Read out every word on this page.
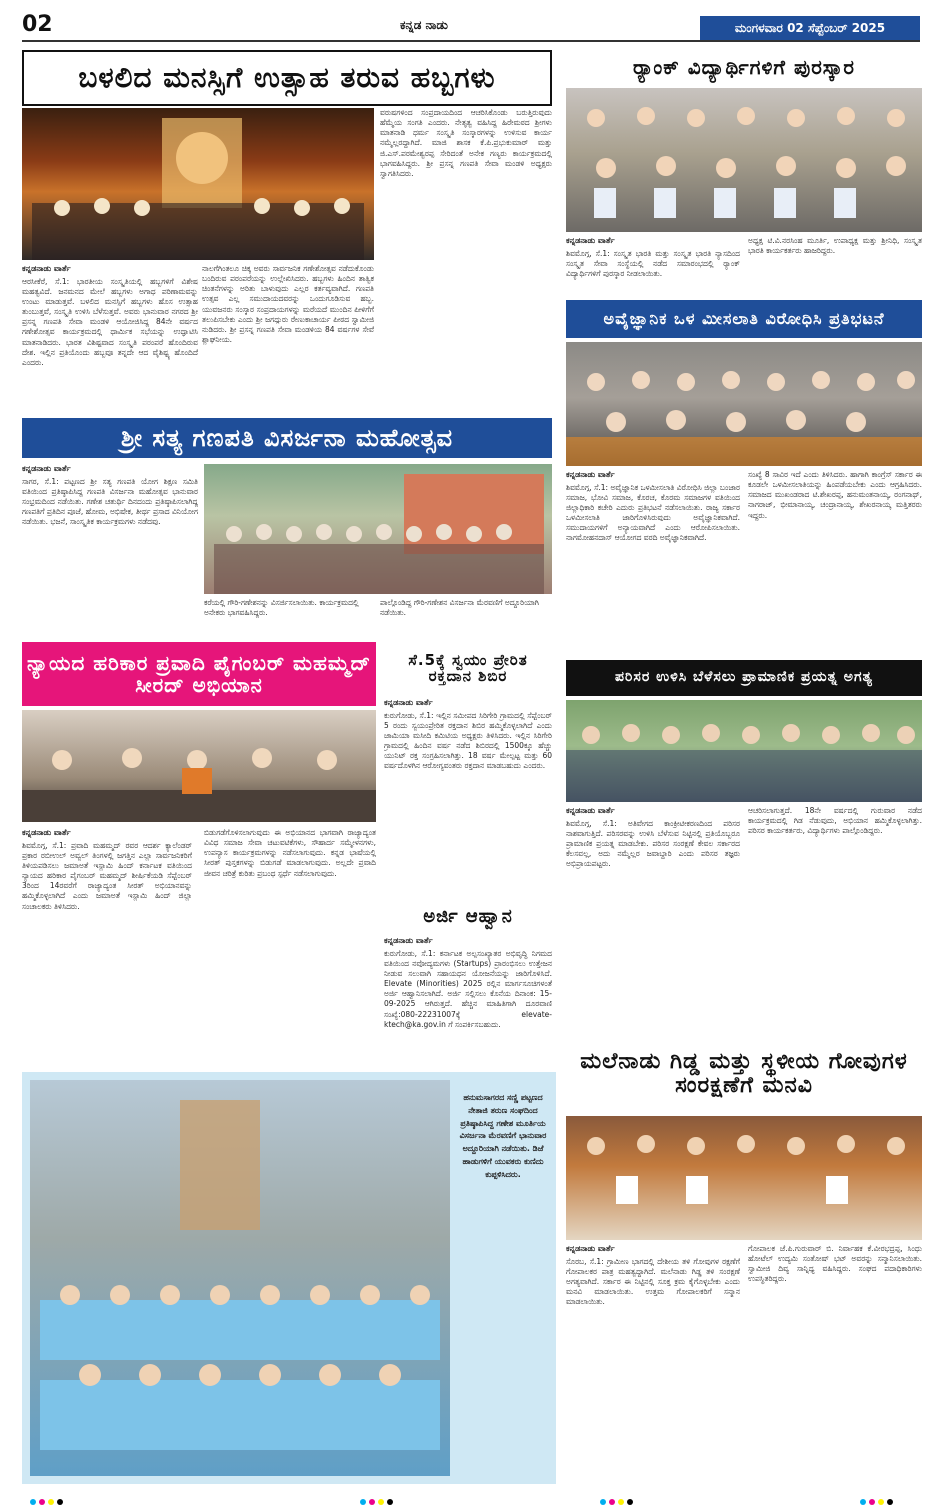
02	ಕನ್ನಡ ನಾಡು	ಮಂಗಳವಾರ 02 ಸೆಪ್ಟೆಂಬರ್ 2025
ಬಳಲಿದ ಮನಸ್ಸಿಗೆ ಉತ್ಸಾಹ ತರುವ ಹಬ್ಬಗಳು
ವರುಷಗಳಿಂದ ಸಂಪ್ರದಾಯದಿಂದ ಆಚರಿಸಿಕೊಂಡು ಬರುತ್ತಿರುವುದು ಹೆಮ್ಮೆಯ ಸಂಗತಿ ಎಂದರು. ನೇತೃತ್ವ ವಹಿಸಿದ್ದ ಹಿರೇಮಠದ ಶ್ರೀಗಳು ಮಾತನಾಡಿ ಧರ್ಮ ಸಂಸ್ಕೃತಿ ಸಂಸ್ಕಾರಗಳನ್ನು ಉಳಿಸುವ ಕಾರ್ಯ ನಮ್ಮೆಲ್ಲರದ್ದಾಗಿದೆ. ಮಾಜಿ ಶಾಸಕ ಕೆ.ಪಿ.ಪ್ರಭುಕುಮಾರ್ ಮತ್ತು ಜಿ.ಎಸ್.ಪರಮೇಶ್ವರಪ್ಪ ಸೇರಿದಂತೆ ಅನೇಕ ಗಣ್ಯರು ಕಾರ್ಯಕ್ರಮದಲ್ಲಿ ಭಾಗವಹಿಸಿದ್ದರು. ಶ್ರೀ ಪ್ರಸನ್ನ ಗಣಪತಿ ಸೇವಾ ಮಂಡಳಿ ಅಧ್ಯಕ್ಷರು ಸ್ವಾಗತಿಸಿದರು.
ಕನ್ನಡನಾಡು ವಾರ್ತೆ
ಆರಸೀಕೆರೆ, ಸೆ.1: ಭಾರತೀಯ ಸಂಸ್ಕೃತಿಯಲ್ಲಿ ಹಬ್ಬಗಳಿಗೆ ವಿಶೇಷ ಮಹತ್ವವಿದೆ. ಜನಮನದ ಮೇಲೆ ಹಬ್ಬಗಳು ಅಗಾಧ ಪರಿಣಾಮವನ್ನು ಉಂಟು ಮಾಡುತ್ತವೆ. ಬಳಲಿದ ಮನಸ್ಸಿಗೆ ಹಬ್ಬಗಳು ಹೊಸ ಉತ್ಸಾಹ ತುಂಬುತ್ತವೆ, ಸಂಸ್ಕೃತಿ ಉಳಿಸಿ ಬೆಳೆಸುತ್ತವೆ. ಅವರು ಭಾನುವಾರ ನಗರದ ಶ್ರೀ ಪ್ರಸನ್ನ ಗಣಪತಿ ಸೇವಾ ಮಂಡಳಿ ಆಯೋಜಿಸಿದ್ದ 84ನೇ ವರ್ಷದ ಗಣೇಶೋತ್ಸವ ಕಾರ್ಯಕ್ರಮದಲ್ಲಿ ಧಾರ್ಮಿಕ ಸಭೆಯನ್ನು ಉದ್ಘಾಟಿಸಿ ಮಾತನಾಡಿದರು. ಭಾರತ ವಿಶಿಷ್ಟವಾದ ಸಂಸ್ಕೃತಿ ಪರಂಪರೆ ಹೊಂದಿರುವ ದೇಶ. ಇಲ್ಲಿನ ಪ್ರತಿಯೊಂದು ಹಬ್ಬವೂ ತನ್ನದೇ ಆದ ವೈಶಿಷ್ಟ್ಯ ಹೊಂದಿದೆ ಎಂದರು.
ನಾಲಗೆಗಿಂತಲೂ ಚಿಕ್ಕ ಅವರು ಸಾರ್ವಜನಿಕ ಗಣೇಶೋತ್ಸವ ನಡೆದುಕೊಂಡು ಬಂದಿರುವ ಪರಂಪರೆಯನ್ನು ಉಲ್ಲೇಖಿಸಿದರು. ಹಬ್ಬಗಳು ಹಿಂದಿನ ತಾತ್ವಿಕ ಚಿಂತನೆಗಳನ್ನು ಅರಿತು ಬಾಳುವುದು ಎಲ್ಲರ ಕರ್ತವ್ಯವಾಗಿದೆ. ಗಣಪತಿ ಉತ್ಸವ ಎಲ್ಲ ಸಮುದಾಯದವರನ್ನು ಒಂದುಗೂಡಿಸುವ ಹಬ್ಬ. ಯುವಜನರು ಸಂಸ್ಕಾರ ಸಂಪ್ರದಾಯಗಳನ್ನು ಮರೆಯದೆ ಮುಂದಿನ ಪೀಳಿಗೆಗೆ ತಲುಪಿಸಬೇಕು ಎಂದು ಶ್ರೀ ಜಗದ್ಗುರು ರೇಣುಕಾಚಾರ್ಯ ಪೀಠದ ಸ್ವಾಮೀಜಿ ನುಡಿದರು. ಶ್ರೀ ಪ್ರಸನ್ನ ಗಣಪತಿ ಸೇವಾ ಮಂಡಳಿಯ 84 ವರ್ಷಗಳ ಸೇವೆ ಶ್ಲಾಘನೀಯ.
ಶ್ರೀ ಸತ್ಯ ಗಣಪತಿ ವಿಸರ್ಜನಾ ಮಹೋತ್ಸವ
ಕನ್ನಡನಾಡು ವಾರ್ತೆ
ಸಾಗರ, ಸೆ.1: ಪಟ್ಟಣದ ಶ್ರೀ ಸತ್ಯ ಗಣಪತಿ ಯೋಗ ಶಿಕ್ಷಣ ಸಮಿತಿ ವತಿಯಿಂದ ಪ್ರತಿಷ್ಠಾಪಿಸಿದ್ದ ಗಣಪತಿ ವಿಸರ್ಜನಾ ಮಹೋತ್ಸವ ಭಾನುವಾರ ಸಂಭ್ರಮದಿಂದ ನಡೆಯಿತು. ಗಣೇಶ ಚತುರ್ಥಿ ದಿನದಂದು ಪ್ರತಿಷ್ಠಾಪಿಸಲಾಗಿದ್ದ ಗಣಪತಿಗೆ ಪ್ರತಿದಿನ ಪೂಜೆ, ಹೋಮ, ಅಭಿಷೇಕ, ತೀರ್ಥ ಪ್ರಸಾದ ವಿನಿಯೋಗ ನಡೆಯಿತು. ಭಜನೆ, ಸಾಂಸ್ಕೃತಿಕ ಕಾರ್ಯಕ್ರಮಗಳು ನಡೆದವು.
ಕರೆಯಲ್ಲಿ ಗೌರಿ-ಗಣೇಶನನ್ನು ವಿಸರ್ಜಿಸಲಾಯಿತು. ಕಾರ್ಯಕ್ರಮದಲ್ಲಿ ಅನೇಕರು ಭಾಗವಹಿಸಿದ್ದರು.
ಪಾಲ್ಗೊಂಡಿದ್ದ ಗೌರಿ-ಗಣೇಶನ ವಿಸರ್ಜನಾ ಮೆರವಣಿಗೆ ಅದ್ದೂರಿಯಾಗಿ ನಡೆಯಿತು.
ನ್ಯಾಯದ ಹರಿಕಾರ ಪ್ರವಾದಿ ಪೈಗಂಬರ್ ಮಹಮ್ಮದ್ ಸೀರದ್ ಅಭಿಯಾನ
ಕನ್ನಡನಾಡು ವಾರ್ತೆ
ಶಿವಮೊಗ್ಗ, ಸೆ.1: ಪ್ರವಾದಿ ಮಹಮ್ಮದ್ ರವರ ಆದರ್ಶ ಕ್ಯಾಲೆಂಡರ್ ಪ್ರಕಾರ ರಬೀಉಲ್ ಅವ್ವಲ್ ತಿಂಗಳಲ್ಲಿ ಜಗತ್ತಿನ ಎಲ್ಲಾ ಸಾರ್ವಜನಿಕರಿಗೆ ತಿಳಿಯಪಡಿಸಲು ಜಮಾಅತೆ ಇಸ್ಲಾಮಿ ಹಿಂದ್ ಕರ್ನಾಟಕ ವತಿಯಿಂದ ನ್ಯಾಯದ ಹರಿಕಾರ ಪೈಗಂಬರ್ ಮಹಮ್ಮದ್ ಶೀರ್ಷಿಕೆಯಡಿ ಸೆಪ್ಟೆಂಬರ್ 3ರಿಂದ 14ರವರೆಗೆ ರಾಜ್ಯಾದ್ಯಂತ ಸೀರತ್ ಅಭಿಯಾನವನ್ನು ಹಮ್ಮಿಕೊಳ್ಳಲಾಗಿದೆ ಎಂದು ಜಮಾಅತೆ ಇಸ್ಲಾಮಿ ಹಿಂದ್ ಜಿಲ್ಲಾ ಸಂಚಾಲಕರು ತಿಳಿಸಿದರು.
ಬಿಡುಗಡೆಗೊಳಿಸಲಾಗುವುದು ಈ ಅಭಿಯಾನದ ಭಾಗವಾಗಿ ರಾಜ್ಯಾದ್ಯಂತ ವಿವಿಧ ಸಮಾಜ ಸೇವಾ ಚಟುವಟಿಕೆಗಳು, ಸೌಹಾರ್ದ ಸಮ್ಮೇಳನಗಳು, ಉಪನ್ಯಾಸ ಕಾರ್ಯಕ್ರಮಗಳನ್ನು ನಡೆಸಲಾಗುವುದು. ಕನ್ನಡ ಭಾಷೆಯಲ್ಲಿ ಸೀರತ್ ಪುಸ್ತಕಗಳನ್ನು ಬಿಡುಗಡೆ ಮಾಡಲಾಗುವುದು. ಅಲ್ಲದೇ ಪ್ರವಾದಿ ಜೀವನ ಚರಿತ್ರೆ ಕುರಿತು ಪ್ರಬಂಧ ಸ್ಪರ್ಧೆ ನಡೆಸಲಾಗುವುದು.
ಸೆ.5ಕ್ಕೆ ಸ್ವಯಂ ಪ್ರೇರಿತ ರಕ್ತದಾನ ಶಿಬಿರ
ಕನ್ನಡನಾಡು ವಾರ್ತೆ
ಕುರುಗೋಡು, ಸೆ.1: ಇಲ್ಲಿನ ಸಮೀಪದ ಸಿರಿಗೇರಿ ಗ್ರಾಮದಲ್ಲಿ ಸೆಪ್ಟೆಂಬರ್ 5 ರಂದು ಸ್ವಯಂಪ್ರೇರಿತ ರಕ್ತದಾನ ಶಿಬಿರ ಹಮ್ಮಿಕೊಳ್ಳಲಾಗಿದೆ ಎಂದು ಜಾಮಿಯಾ ಮಸೀದಿ ಕಮಿಟಿಯ ಅಧ್ಯಕ್ಷರು ತಿಳಿಸಿದರು. ಇಲ್ಲಿನ ಸಿರಿಗೇರಿ ಗ್ರಾಮದಲ್ಲಿ ಹಿಂದಿನ ವರ್ಷ ನಡೆದ ಶಿಬಿರದಲ್ಲಿ 1500ಕ್ಕೂ ಹೆಚ್ಚು ಯುನಿಟ್ ರಕ್ತ ಸಂಗ್ರಹಿಸಲಾಗಿತ್ತು. 18 ವರ್ಷ ಮೇಲ್ಪಟ್ಟ ಮತ್ತು 60 ವರ್ಷದೊಳಗಿನ ಆರೋಗ್ಯವಂತರು ರಕ್ತದಾನ ಮಾಡಬಹುದು ಎಂದರು.
ಅರ್ಜಿ ಆಹ್ವಾನ
ಕನ್ನಡನಾಡು ವಾರ್ತೆ
ಕುರುಗೋಡು, ಸೆ.1: ಕರ್ನಾಟಕ ಅಲ್ಪಸಂಖ್ಯಾತರ ಅಭಿವೃದ್ಧಿ ನಿಗಮದ ವತಿಯಿಂದ ನವೋದ್ಯಮಗಳು (Startups) ಪ್ರಾರಂಭಿಸಲು ಉತ್ತೇಜನ ನೀಡುವ ಸಲುವಾಗಿ ಸಹಾಯಧನ ಯೋಜನೆಯನ್ನು ಜಾರಿಗೊಳಿಸಿದೆ. Elevate (Minorities) 2025 ರಲ್ಲಿನ ಮಾರ್ಗಸೂಚಿಗಳಂತೆ ಅರ್ಜಿ ಆಹ್ವಾನಿಸಲಾಗಿದೆ. ಅರ್ಜಿ ಸಲ್ಲಿಸಲು ಕೊನೆಯ ದಿನಾಂಕ: 15-09-2025 ಆಗಿರುತ್ತದೆ. ಹೆಚ್ಚಿನ ಮಾಹಿತಿಗಾಗಿ ದೂರವಾಣಿ ಸಂಖ್ಯೆ:080-22231007ಕ್ಕೆ elevate-ktech@ka.gov.in ಗೆ ಸಂಪರ್ಕಿಸಬಹುದು.
ಹನುಮಸಾಗರದ ಸಣ್ಣಿ ಪಟ್ಟಣದ ನೇತಾಜಿ ತರುಣ ಸಂಘದಿಂದ ಪ್ರತಿಷ್ಠಾಪಿಸಿದ್ದ ಗಣೇಶ ಮೂರ್ತಿಯ ವಿಸರ್ಜನಾ ಮೆರವಣಿಗೆ ಭಾನುವಾರ ಅದ್ದೂರಿಯಾಗಿ ನಡೆಯಿತು. ಡಿಜೆ ಹಾಡುಗಳಿಗೆ ಯುವಕರು ಕುಣಿದು ಕುಪ್ಪಳಿಸಿದರು.
ರ‍್ಯಾಂಕ್ ವಿದ್ಯಾರ್ಥಿಗಳಿಗೆ ಪುರಸ್ಕಾರ
ಕನ್ನಡನಾಡು ವಾರ್ತೆ
ಶಿವಮೊಗ್ಗ, ಸೆ.1: ಸಂಸ್ಕೃತ ಭಾರತಿ ಮತ್ತು ಸಂಸ್ಕೃತ ಭಾರತಿ ನ್ಯಾಸದಿಂದ ಸಂಸ್ಕೃತ ಸೇವಾ ಸಂಸ್ಥೆಯಲ್ಲಿ ನಡೆದ ಸಮಾರಂಭದಲ್ಲಿ ರ‍್ಯಾಂಕ್ ವಿದ್ಯಾರ್ಥಿಗಳಿಗೆ ಪುರಸ್ಕಾರ ನೀಡಲಾಯಿತು.
ಅಧ್ಯಕ್ಷ ಟಿ.ವಿ.ನರಸಿಂಹ ಮೂರ್ತಿ, ಉಪಾಧ್ಯಕ್ಷ ಮತ್ತು ಶ್ರೀನಿಧಿ, ಸಂಸ್ಕೃತ ಭಾರತಿ ಕಾರ್ಯಕರ್ತರು ಹಾಜರಿದ್ದರು.
ಅವೈಜ್ಞಾನಿಕ ಒಳ ಮೀಸಲಾತಿ ವಿರೋಧಿಸಿ ಪ್ರತಿಭಟನೆ
ಕನ್ನಡನಾಡು ವಾರ್ತೆ
ಶಿವಮೊಗ್ಗ, ಸೆ.1: ಅವೈಜ್ಞಾನಿಕ ಒಳಮೀಸಲಾತಿ ವಿರೋಧಿಸಿ ಜಿಲ್ಲಾ ಬಂಜಾರ ಸಮಾಜ, ಭೋವಿ ಸಮಾಜ, ಕೊರಚ, ಕೊರಮ ಸಮಾಜಗಳ ವತಿಯಿಂದ ಜಿಲ್ಲಾಧಿಕಾರಿ ಕಚೇರಿ ಎದುರು ಪ್ರತಿಭಟನೆ ನಡೆಸಲಾಯಿತು. ರಾಜ್ಯ ಸರ್ಕಾರ ಒಳಮೀಸಲಾತಿ ಜಾರಿಗೊಳಿಸಿರುವುದು ಅವೈಜ್ಞಾನಿಕವಾಗಿದೆ. ಸಮುದಾಯಗಳಿಗೆ ಅನ್ಯಾಯವಾಗಿದೆ ಎಂದು ಆರೋಪಿಸಲಾಯಿತು. ನಾಗಮೋಹನದಾಸ್ ಆಯೋಗದ ವರದಿ ಅವೈಜ್ಞಾನಿಕವಾಗಿದೆ.
ಸಂಖ್ಯೆ 8 ಸಾವಿರ ಇದೆ ಎಂದು ತಿಳಿಸಿದರು. ಹಾಗಾಗಿ ಕಾಂಗ್ರೆಸ್ ಸರ್ಕಾರ ಈ ಕೂಡಲೇ ಒಳಮೀಸಲಾತಿಯನ್ನು ಹಿಂಪಡೆಯಬೇಕು ಎಂದು ಆಗ್ರಹಿಸಿದರು. ಸಮಾಜದ ಮುಖಂಡರಾದ ಟಿ.ಶೇಖರಪ್ಪ, ಹನುಮಂತನಾಯ್ಕ, ರಂಗನಾಥ್, ನಾಗರಾಜ್, ಭೀಮಾನಾಯ್ಕ, ಚಂದ್ರಾನಾಯ್ಕ, ಶೇಖರನಾಯ್ಕ ಮತ್ತಿತರರು ಇದ್ದರು.
ಪರಿಸರ ಉಳಿಸಿ ಬೆಳೆಸಲು ಪ್ರಾಮಾಣಿಕ ಪ್ರಯತ್ನ ಅಗತ್ಯ
ಕನ್ನಡನಾಡು ವಾರ್ತೆ
ಶಿವಮೊಗ್ಗ, ಸೆ.1: ಅತಿವೇಗದ ಕಾಂಕ್ರೀಟೀಕರಣದಿಂದ ಪರಿಸರ ನಾಶವಾಗುತ್ತಿದೆ. ಪರಿಸರವನ್ನು ಉಳಿಸಿ ಬೆಳೆಸುವ ನಿಟ್ಟಿನಲ್ಲಿ ಪ್ರತಿಯೊಬ್ಬರೂ ಪ್ರಾಮಾಣಿಕ ಪ್ರಯತ್ನ ಮಾಡಬೇಕು. ಪರಿಸರ ಸಂರಕ್ಷಣೆ ಕೇವಲ ಸರ್ಕಾರದ ಕೆಲಸವಲ್ಲ, ಅದು ನಮ್ಮೆಲ್ಲರ ಜವಾಬ್ದಾರಿ ಎಂದು ಪರಿಸರ ತಜ್ಞರು ಅಭಿಪ್ರಾಯಪಟ್ಟರು.
ಆಚರಿಸಲಾಗುತ್ತದೆ. 18ನೇ ವರ್ಷದಲ್ಲಿ ಗುರುವಾರ ನಡೆದ ಕಾರ್ಯಕ್ರಮದಲ್ಲಿ ಗಿಡ ನೆಡುವುದು, ಅಭಿಯಾನ ಹಮ್ಮಿಕೊಳ್ಳಲಾಗಿತ್ತು. ಪರಿಸರ ಕಾರ್ಯಕರ್ತರು, ವಿದ್ಯಾರ್ಥಿಗಳು ಪಾಲ್ಗೊಂಡಿದ್ದರು.
ಮಲೆನಾಡು ಗಿಡ್ಡ ಮತ್ತು ಸ್ಥಳೀಯ ಗೋವುಗಳ ಸಂರಕ್ಷಣೆಗೆ ಮನವಿ
ಕನ್ನಡನಾಡು ವಾರ್ತೆ
ಸೊರಬ, ಸೆ.1: ಗ್ರಾಮೀಣ ಭಾಗದಲ್ಲಿ ದೇಶೀಯ ತಳಿ ಗೋವುಗಳ ರಕ್ಷಣೆಗೆ ಗೋಪಾಲಕರ ಪಾತ್ರ ಮಹತ್ವದ್ದಾಗಿದೆ. ಮಲೆನಾಡು ಗಿಡ್ಡ ತಳಿ ಸಂರಕ್ಷಣೆ ಅಗತ್ಯವಾಗಿದೆ. ಸರ್ಕಾರ ಈ ನಿಟ್ಟಿನಲ್ಲಿ ಸೂಕ್ತ ಕ್ರಮ ಕೈಗೊಳ್ಳಬೇಕು ಎಂದು ಮನವಿ ಮಾಡಲಾಯಿತು. ಉತ್ತಮ ಗೋಪಾಲಕರಿಗೆ ಸನ್ಮಾನ ಮಾಡಲಾಯಿತು.
ಗೋಪಾಲಕ ಜೆ.ಪಿ.ಗುರುವಾರ್ ಬಿ. ನಿರ್ವಾಹಕ ಕೆ.ವೀರಭದ್ರಪ್ಪ, ಸಿಂಧು ಹೋಟೆಲ್ ಉದ್ಯಮಿ ಸಂತೋಷ್ ಭಟ್ ಅವರನ್ನು ಸನ್ಮಾನಿಸಲಾಯಿತು. ಸ್ವಾಮೀಜಿ ದಿವ್ಯ ಸಾನ್ನಿಧ್ಯ ವಹಿಸಿದ್ದರು. ಸಂಘದ ಪದಾಧಿಕಾರಿಗಳು ಉಪಸ್ಥಿತರಿದ್ದರು.
